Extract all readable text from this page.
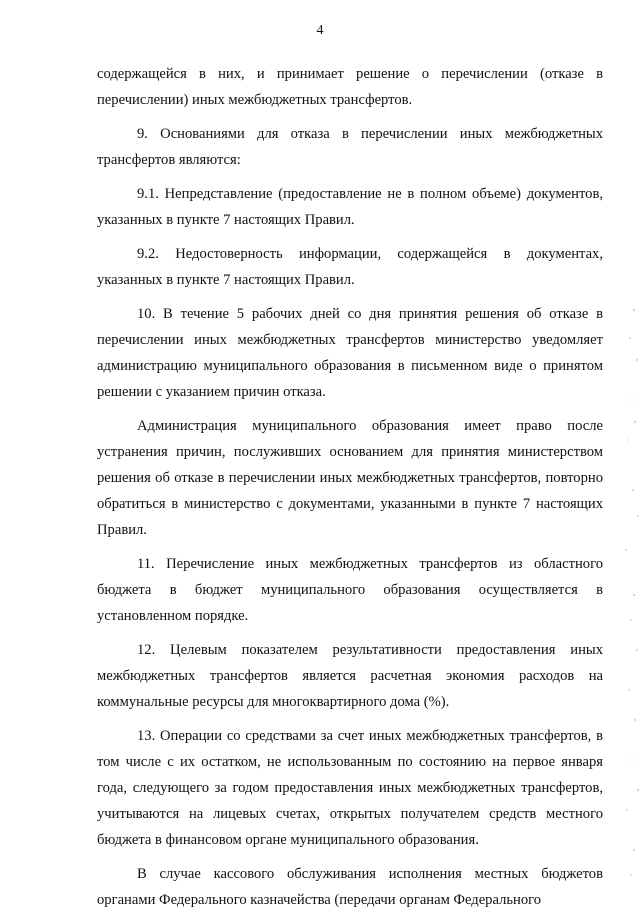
4

содержащейся в них, и принимает решение о перечислении (отказе в перечислении) иных межбюджетных трансфертов.

9. Основаниями для отказа в перечислении иных межбюджетных трансфертов являются:

9.1. Непредставление (предоставление не в полном объеме) документов, указанных в пункте 7 настоящих Правил.

9.2. Недостоверность информации, содержащейся в документах, указанных в пункте 7 настоящих Правил.

10. В течение 5 рабочих дней со дня принятия решения об отказе в перечислении иных межбюджетных трансфертов министерство уведомляет администрацию муниципального образования в письменном виде о принятом решении с указанием причин отказа.

Администрация муниципального образования имеет право после устранения причин, послуживших основанием для принятия министерством решения об отказе в перечислении иных межбюджетных трансфертов, повторно обратиться в министерство с документами, указанными в пункте 7 настоящих Правил.

11. Перечисление иных межбюджетных трансфертов из областного бюджета в бюджет муниципального образования осуществляется в установленном порядке.

12. Целевым показателем результативности предоставления иных межбюджетных трансфертов является расчетная экономия расходов на коммунальные ресурсы для многоквартирного дома (%).

13. Операции со средствами за счет иных межбюджетных трансфертов, в том числе с их остатком, не использованным по состоянию на первое января года, следующего за годом предоставления иных межбюджетных трансфертов, учитываются на лицевых счетах, открытых получателем средств местного бюджета в финансовом органе муниципального образования.

В случае кассового обслуживания исполнения местных бюджетов органами Федерального казначейства (передачи органам Федерального
